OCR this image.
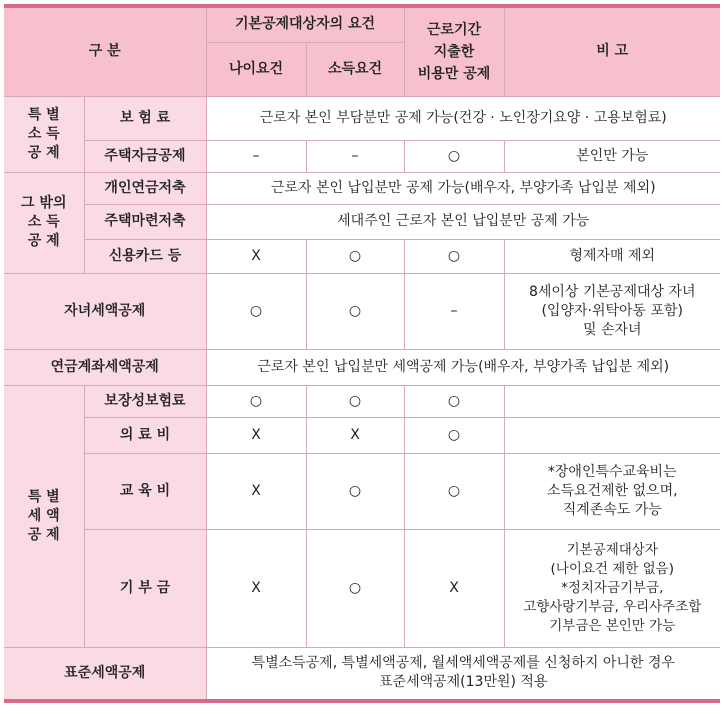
구 분		기본공제대상자의 요건		근로기간
지출한
비용만 공제	비 고
		나이요건	소득요건		
특 별
소 득
공 제	보 험 료	근로자 본인 부담분만 공제 가능(건강 · 노인장기요양 · 고용보험료)			
	주택자금공제	–	–	○	본인만 가능
그 밖의
소 득
공 제	개인연금저축	근로자 본인 납입분만 공제 가능(배우자, 부양가족 납입분 제외)			
	주택마련저축	세대주인 근로자 본인 납입분만 공제 가능			
	신용카드 등	X	○	○	형제자매 제외
자녀세액공제		○	○	–	8세이상 기본공제대상 자녀
(입양자·위탁아동 포함)
및 손자녀
연금계좌세액공제		근로자 본인 납입분만 세액공제 가능(배우자, 부양가족 납입분 제외)			
특 별
세 액
공 제	보장성보험료	○	○	○	
	의 료 비	X	X	○	
	교 육 비	X	○	○	*장애인특수교육비는
소득요건제한 없으며,
직계존속도 가능
	기 부 금	X	○	X	기본공제대상자
(나이요건 제한 없음)
*정치자금기부금,
고향사랑기부금, 우리사주조합
기부금은 본인만 가능
표준세액공제		특별소득공제, 특별세액공제, 월세액세액공제를 신청하지 아니한 경우
표준세액공제(13만원) 적용			
